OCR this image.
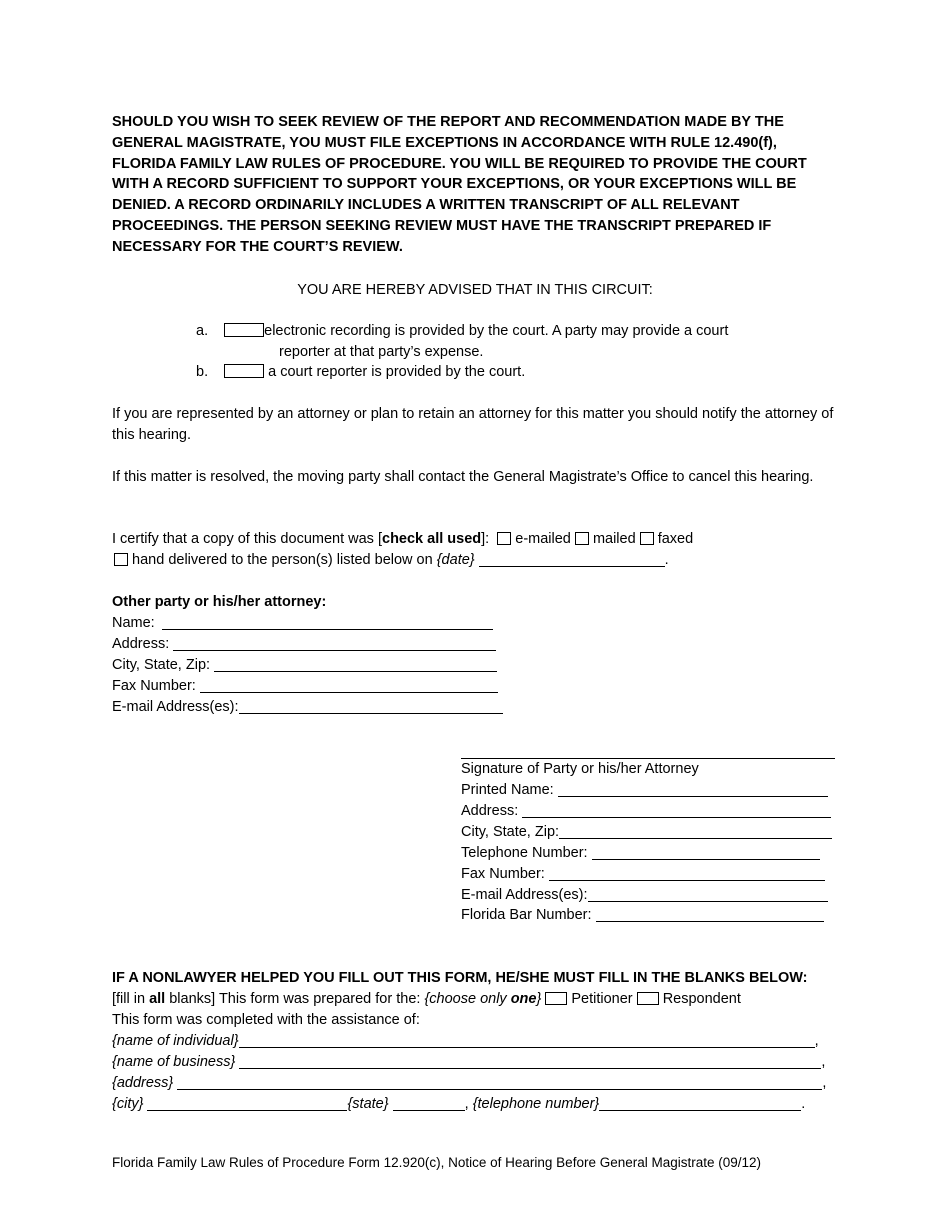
SHOULD YOU WISH TO SEEK REVIEW OF THE REPORT AND RECOMMENDATION MADE BY THE GENERAL MAGISTRATE, YOU MUST FILE EXCEPTIONS IN ACCORDANCE WITH RULE 12.490(f), FLORIDA FAMILY LAW RULES OF PROCEDURE. YOU WILL BE REQUIRED TO PROVIDE THE COURT WITH A RECORD SUFFICIENT TO SUPPORT YOUR EXCEPTIONS, OR YOUR EXCEPTIONS WILL BE DENIED. A RECORD ORDINARILY INCLUDES A WRITTEN TRANSCRIPT OF ALL RELEVANT PROCEEDINGS. THE PERSON SEEKING REVIEW MUST HAVE THE TRANSCRIPT PREPARED IF NECESSARY FOR THE COURT’S REVIEW.

YOU ARE HEREBY ADVISED THAT IN THIS CIRCUIT:
a.	electronic recording is provided by the court. A party may provide a court
reporter at that party’s expense.
b.	a court reporter is provided by the court.
If you are represented by an attorney or plan to retain an attorney for this matter you should notify the attorney of this hearing.
If this matter is resolved, the moving party shall contact the General Magistrate’s Office to cancel this hearing.
I certify that a copy of this document was [check all used]: e-mailed mailed faxed
hand delivered to the person(s) listed below on {date}	.
Other party or his/her attorney:
Name:
Address:
City, State, Zip:
Fax Number:
E-mail Address(es):
Signature of Party or his/her Attorney
Printed Name:
Address:
City, State, Zip:
Telephone Number:
Fax Number:
E-mail Address(es):
Florida Bar Number:
IF A NONLAWYER HELPED YOU FILL OUT THIS FORM, HE/SHE MUST FILL IN THE BLANKS BELOW:
[fill in all blanks] This form was prepared for the: {choose only one} Petitioner Respondent
This form was completed with the assistance of:
{name of individual}	,
{name of business}	,
{address}	,
{city}	{state}	, {telephone number}	.
Florida Family Law Rules of Procedure Form 12.920(c), Notice of Hearing Before General Magistrate (09/12)
